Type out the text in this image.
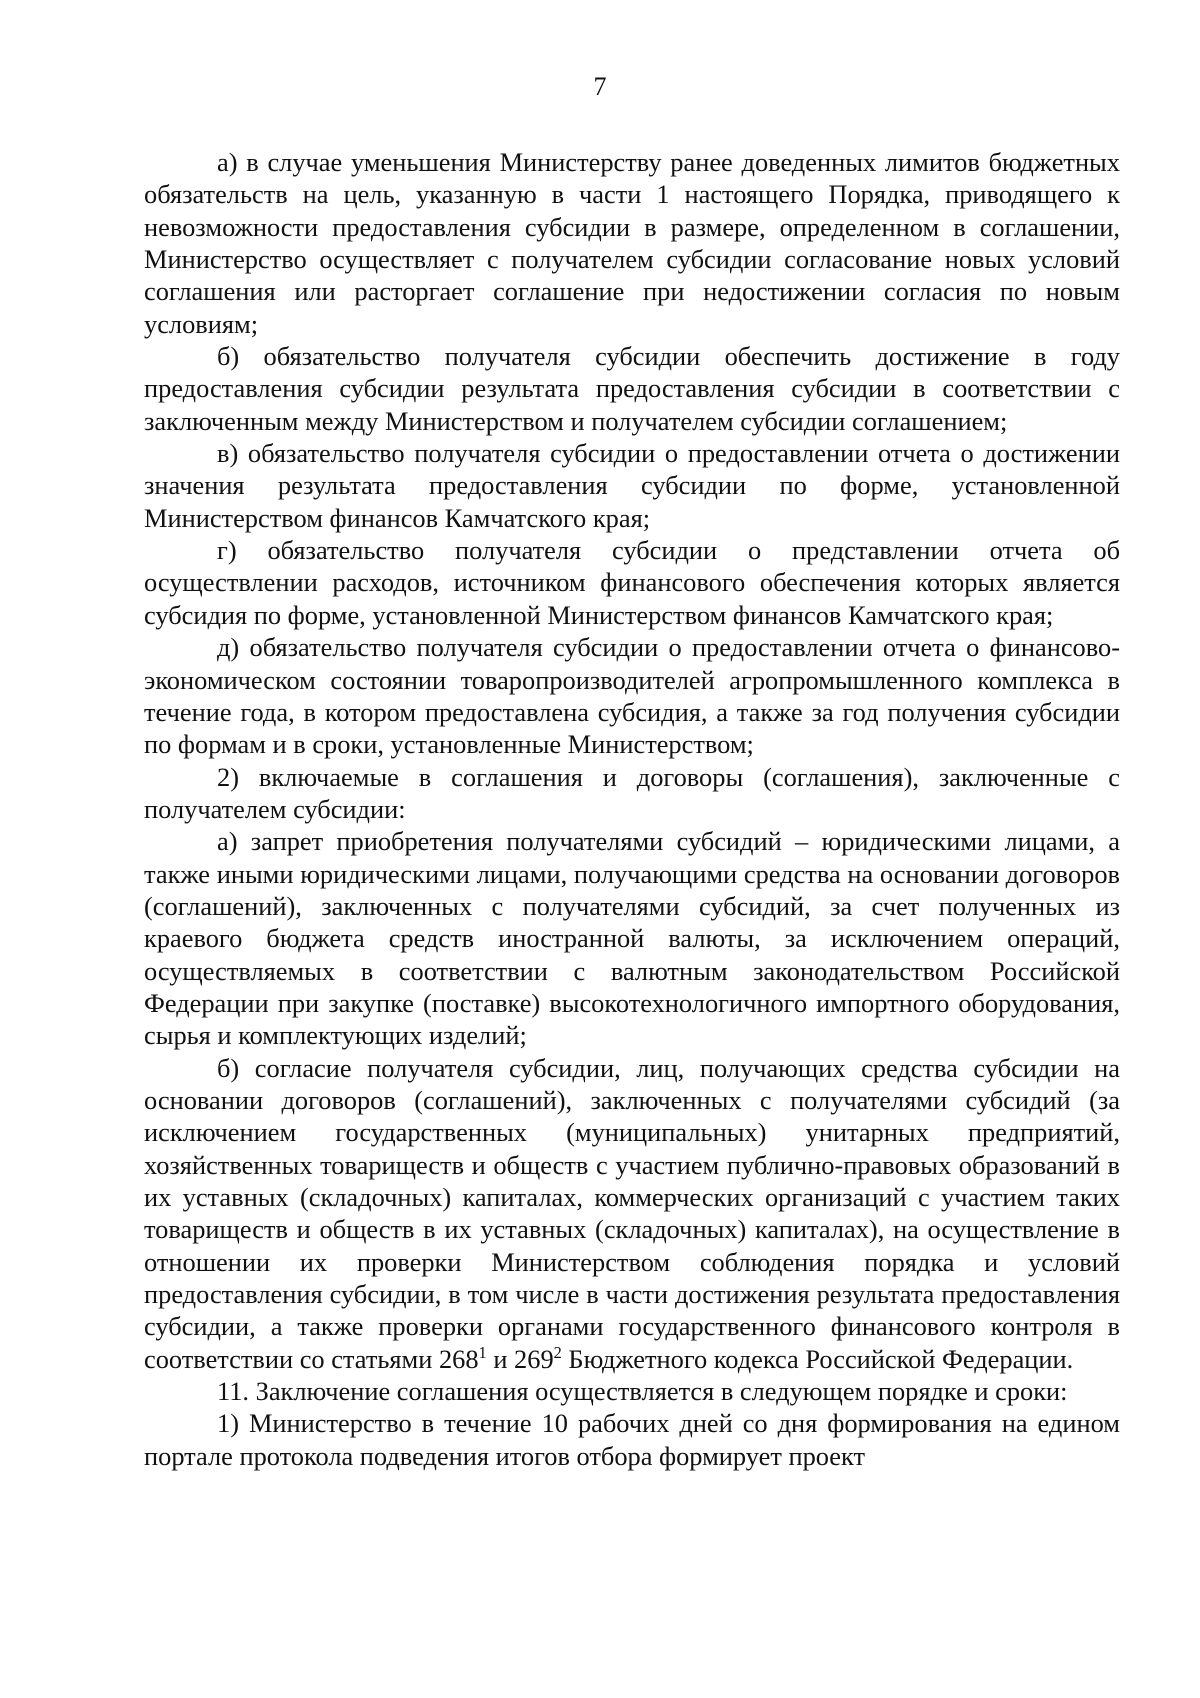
7

а) в случае уменьшения Министерству ранее доведенных лимитов бюджетных обязательств на цель, указанную в части 1 настоящего Порядка, приводящего к невозможности предоставления субсидии в размере, определенном в соглашении, Министерство осуществляет с получателем субсидии согласование новых условий соглашения или расторгает соглашение при недостижении согласия по новым условиям;

б) обязательство получателя субсидии обеспечить достижение в году предоставления субсидии результата предоставления субсидии в соответствии с заключенным между Министерством и получателем субсидии соглашением;

в) обязательство получателя субсидии о предоставлении отчета о достижении значения результата предоставления субсидии по форме, установленной Министерством финансов Камчатского края;

г) обязательство получателя субсидии о представлении отчета об осуществлении расходов, источником финансового обеспечения которых является субсидия по форме, установленной Министерством финансов Камчатского края;

д) обязательство получателя субсидии о предоставлении отчета о финансово-экономическом состоянии товаропроизводителей агропромышленного комплекса в течение года, в котором предоставлена субсидия, а также за год получения субсидии по формам и в сроки, установленные Министерством;

2) включаемые в соглашения и договоры (соглашения), заключенные с получателем субсидии:

а) запрет приобретения получателями субсидий – юридическими лицами, а также иными юридическими лицами, получающими средства на основании договоров (соглашений), заключенных с получателями субсидий, за счет полученных из краевого бюджета средств иностранной валюты, за исключением операций, осуществляемых в соответствии с валютным законодательством Российской Федерации при закупке (поставке) высокотехнологичного импортного оборудования, сырья и комплектующих изделий;

б) согласие получателя субсидии, лиц, получающих средства субсидии на основании договоров (соглашений), заключенных с получателями субсидий (за исключением государственных (муниципальных) унитарных предприятий, хозяйственных товариществ и обществ с участием публично-правовых образований в их уставных (складочных) капиталах, коммерческих организаций с участием таких товариществ и обществ в их уставных (складочных) капиталах), на осуществление в отношении их проверки Министерством соблюдения порядка и условий предоставления субсидии, в том числе в части достижения результата предоставления субсидии, а также проверки органами государственного финансового контроля в соответствии со статьями $268^1$ и $269^2$ Бюджетного кодекса Российской Федерации.

11. Заключение соглашения осуществляется в следующем порядке и сроки:

1) Министерство в течение 10 рабочих дней со дня формирования на едином портале протокола подведения итогов отбора формирует проект
